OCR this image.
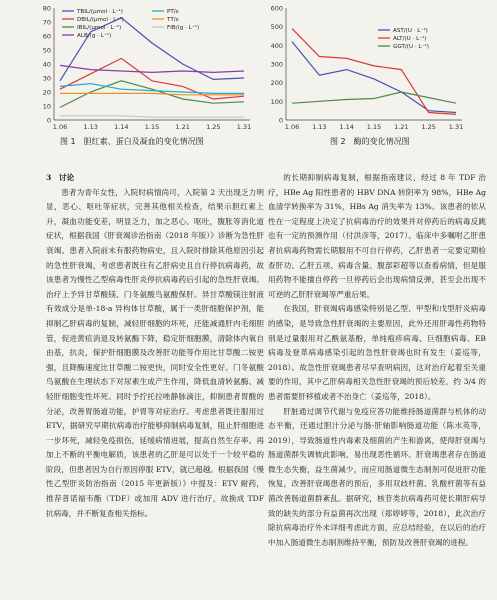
0
10
20
30
40
50
60
70
80
1.06 1.13 1.14 1.15 1.21 1.25 1.31
TBIL/(μmol · L⁻¹)
DBIL/(μmol · L⁻¹)
IBIL/(μmol · L⁻¹)
ALB/(g · L⁻¹)
PT/s
TT/s
FIB/(g · L⁻¹)
图 1　胆红素、蛋白及凝血的变化情况图
0
100
200
300
400
500
600
1.06 1.13 1.14 1.15 1.21 1.25 1.31
AST/(U · L⁻¹)
ALT/(U · L⁻¹)
GGT/(U · L⁻¹)
图 2　酶的变化情况图

3　讨论

患者为青年女性，入院时病情尚可，入院第 2 天出现乏力明显，恶心、呕吐等症状，完善其他相关检查，结果示胆红素上升，凝血功能变差，明显乏力，加之恶心、呕吐，腹胀等消化道症状，根据我国《肝衰竭诊治指南（2018 年版）》诊断为急性肝衰竭。患者入院前未有服药物病史，且入院时排除其他原因引起的急性肝衰竭，考虑患者既往有乙肝病史且自行停抗病毒药，故该患者为慢性乙型病毒性肝炎停抗病毒药后引起的急性肝衰竭。治疗上予异甘草酸镁、门冬氨酸鸟氨酸保肝。异甘草酸镁注射液有效成分是单-18-a 异构体甘草酸，属于一类肝细胞保护剂，能抑制乙肝病毒的复制，减轻肝细胞的坏死，还能减通肝内毛细胆管，促进黄疸消退及转氨酶下降，稳定肝细胞膜，清除体内氧自由基，抗炎，保护肝细胞膜及改善肝功能等作用比甘草酸二铵更强，且降酶速度比甘草酸二铵更快，同时安全性更好。门冬氨酸鸟氨酸在生理状态下对尿素生成产生作用，降低血清转氨酶、减轻肝细胞变性坏死。同时予拧托拉唑静脉滴注，抑制患者胃酸的分泌，改善胃肠道功能，护胃等对症治疗。考虑患者既往服用过 ETV，据研究早期抗病毒治疗能够抑制病毒复制，阻止肝细胞进一步坏死，减轻免疫损伤，延缓病情进展，提高自然生存率。再加上不断的平衡电解质，该患者的乙肝是可以处于一个较平稳的阶段，但患者因为自行原因停服 ETV，就已超越。根据我国《慢性乙型肝炎防治指南（2015 年更新版）》中提及：ETV 耐药，推荐普诺福韦酯（TDF）或加用 ADV 进行治疗，故换成 TDF 抗病毒，并不断复查相关指标。

的长期抑制病毒复制，根据指南建议，经过 8 年 TDF 治疗，HBe Ag 阳性患者的 HBV DNA 转阴率为 98%，HBe Ag 血清学转换率为 31%，HBs Ag 消失率为 13%。该患者的依从性在一定程度上决定了抗病毒治疗的效果并对停药后的病毒反跳也有一定的预测作用（付洪彦等，2017）。临床中多嘱咐乙肝患者抗病毒药物需长期服用不可自行停药，乙肝患者一定要定期检查肝功、乙肝五项、病毒含量、腹部彩超等以查看病情，但是服用药物不能擅自停药一旦停药后会出现病情反弹，甚至会出现不可逆的乙肝肝衰竭等严重后果。

在我国，肝衰竭病毒感染特别是乙型、甲型和戊型肝炎病毒的感染，是导致急性肝衰竭的主要原因，此外还用肝毒性药物特别是过量服用对乙酰氨基酚，单纯疱疹病毒、巨细胞病毒、EB 病毒及登革病毒感染引起的急性肝衰竭也时有发生（姜巡等，2018）。故急性肝衰竭患者尽早查明病因，这对治疗起着至关重要的作用，其中乙肝病毒相关急性肝衰竭的预后较差，约 3/4 的患者需要肝移植或者不治身亡（姜巡等，2018）。

肝脏通过调节代谢与免疫应答功能维持肠道菌群与机体的动态平衡，还通过胆汁分泌与肠-肝轴影响肠道功能（陈水英等，2019），导致肠道性内毒素及细菌的产生和游离，使得肝衰竭与肠道菌群失调彼此影响，易出现恶性循环。肝衰竭患者存在肠道微生态失衡，益生菌减少，而应用肠道微生态制剂可促进肝功能恢复，改善肝衰竭患者的预后，多用双歧杆菌、乳酸杆菌等有益菌改善肠道菌群紊乱。据研究，核苷类抗病毒药可使长期肝病导致的缺失的部分有益菌再次出现（郑婷婷等，2018），此次治疗除抗病毒治疗外未详细考虑此方面，应总结经验，在以后的治疗中加入肠道微生态制剂维持平衡，预防及改善肝衰竭的进程。
